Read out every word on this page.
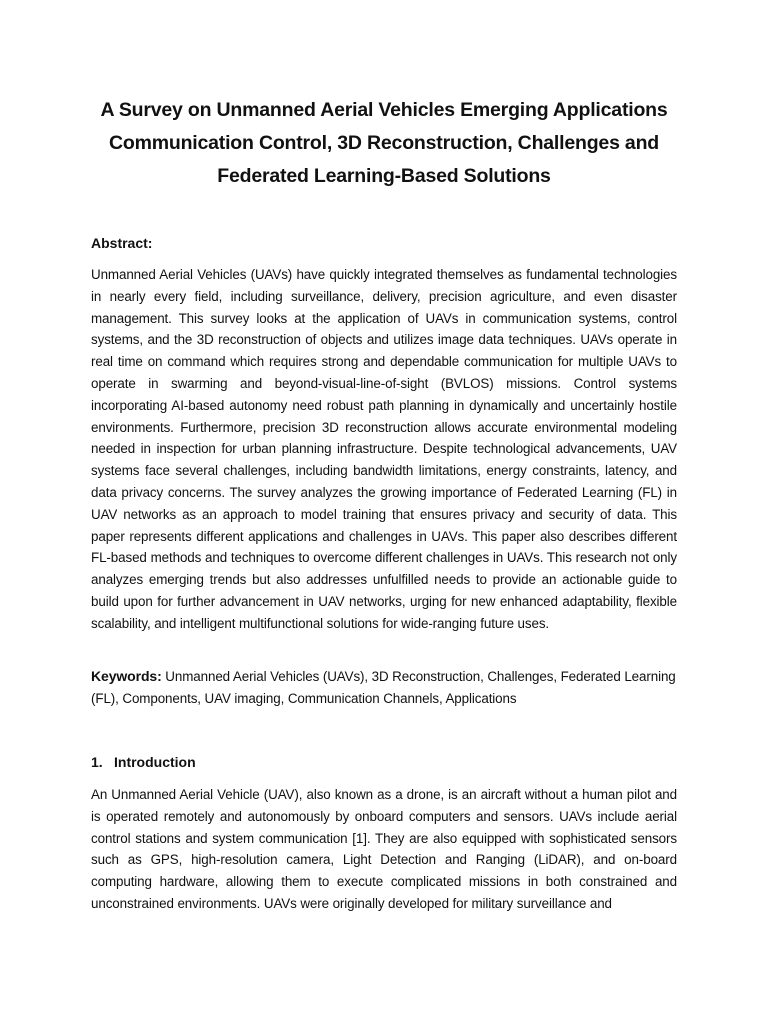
A Survey on Unmanned Aerial Vehicles Emerging Applications Communication Control, 3D Reconstruction, Challenges and Federated Learning-Based Solutions
Abstract:

Unmanned Aerial Vehicles (UAVs) have quickly integrated themselves as fundamental technologies in nearly every field, including surveillance, delivery, precision agriculture, and even disaster management. This survey looks at the application of UAVs in communication systems, control systems, and the 3D reconstruction of objects and utilizes image data techniques. UAVs operate in real time on command which requires strong and dependable communication for multiple UAVs to operate in swarming and beyond-visual-line-of-sight (BVLOS) missions. Control systems incorporating AI-based autonomy need robust path planning in dynamically and uncertainly hostile environments. Furthermore, precision 3D reconstruction allows accurate environmental modeling needed in inspection for urban planning infrastructure. Despite technological advancements, UAV systems face several challenges, including bandwidth limitations, energy constraints, latency, and data privacy concerns. The survey analyzes the growing importance of Federated Learning (FL) in UAV networks as an approach to model training that ensures privacy and security of data. This paper represents different applications and challenges in UAVs. This paper also describes different FL-based methods and techniques to overcome different challenges in UAVs. This research not only analyzes emerging trends but also addresses unfulfilled needs to provide an actionable guide to build upon for further advancement in UAV networks, urging for new enhanced adaptability, flexible scalability, and intelligent multifunctional solutions for wide-ranging future uses.

Keywords: Unmanned Aerial Vehicles (UAVs), 3D Reconstruction, Challenges, Federated Learning (FL), Components, UAV imaging, Communication Channels, Applications

1. Introduction

An Unmanned Aerial Vehicle (UAV), also known as a drone, is an aircraft without a human pilot and is operated remotely and autonomously by onboard computers and sensors. UAVs include aerial control stations and system communication [1]. They are also equipped with sophisticated sensors such as GPS, high-resolution camera, Light Detection and Ranging (LiDAR), and on-board computing hardware, allowing them to execute complicated missions in both constrained and unconstrained environments. UAVs were originally developed for military surveillance and
